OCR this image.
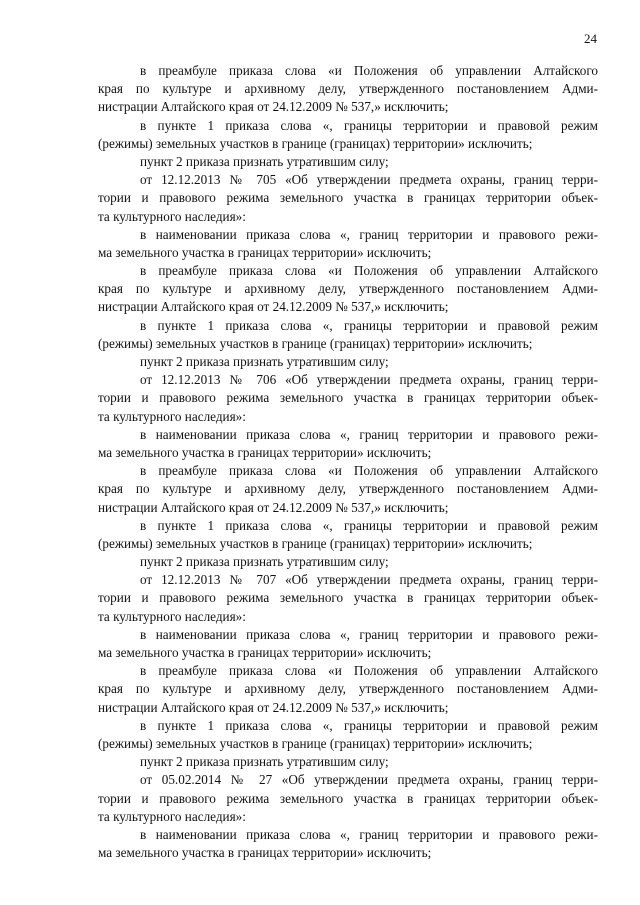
24
в преамбуле приказа слова «и Положения об управлении Алтайского
края по культуре и архивному делу, утвержденного постановлением Адми-
нистрации Алтайского края от 24.12.2009 № 537,» исключить;
в пункте 1 приказа слова «, границы территории и правовой режим
(режимы) земельных участков в границе (границах) территории» исключить;
пункт 2 приказа признать утратившим силу;
от 12.12.2013 № 705 «Об утверждении предмета охраны, границ терри-
тории и правового режима земельного участка в границах территории объек-
та культурного наследия»:
в наименовании приказа слова «, границ территории и правового режи-
ма земельного участка в границах территории» исключить;
в преамбуле приказа слова «и Положения об управлении Алтайского
края по культуре и архивному делу, утвержденного постановлением Адми-
нистрации Алтайского края от 24.12.2009 № 537,» исключить;
в пункте 1 приказа слова «, границы территории и правовой режим
(режимы) земельных участков в границе (границах) территории» исключить;
пункт 2 приказа признать утратившим силу;
от 12.12.2013 № 706 «Об утверждении предмета охраны, границ терри-
тории и правового режима земельного участка в границах территории объек-
та культурного наследия»:
в наименовании приказа слова «, границ территории и правового режи-
ма земельного участка в границах территории» исключить;
в преамбуле приказа слова «и Положения об управлении Алтайского
края по культуре и архивному делу, утвержденного постановлением Адми-
нистрации Алтайского края от 24.12.2009 № 537,» исключить;
в пункте 1 приказа слова «, границы территории и правовой режим
(режимы) земельных участков в границе (границах) территории» исключить;
пункт 2 приказа признать утратившим силу;
от 12.12.2013 № 707 «Об утверждении предмета охраны, границ терри-
тории и правового режима земельного участка в границах территории объек-
та культурного наследия»:
в наименовании приказа слова «, границ территории и правового режи-
ма земельного участка в границах территории» исключить;
в преамбуле приказа слова «и Положения об управлении Алтайского
края по культуре и архивному делу, утвержденного постановлением Адми-
нистрации Алтайского края от 24.12.2009 № 537,» исключить;
в пункте 1 приказа слова «, границы территории и правовой режим
(режимы) земельных участков в границе (границах) территории» исключить;
пункт 2 приказа признать утратившим силу;
от 05.02.2014 № 27 «Об утверждении предмета охраны, границ терри-
тории и правового режима земельного участка в границах территории объек-
та культурного наследия»:
в наименовании приказа слова «, границ территории и правового режи-
ма земельного участка в границах территории» исключить;
